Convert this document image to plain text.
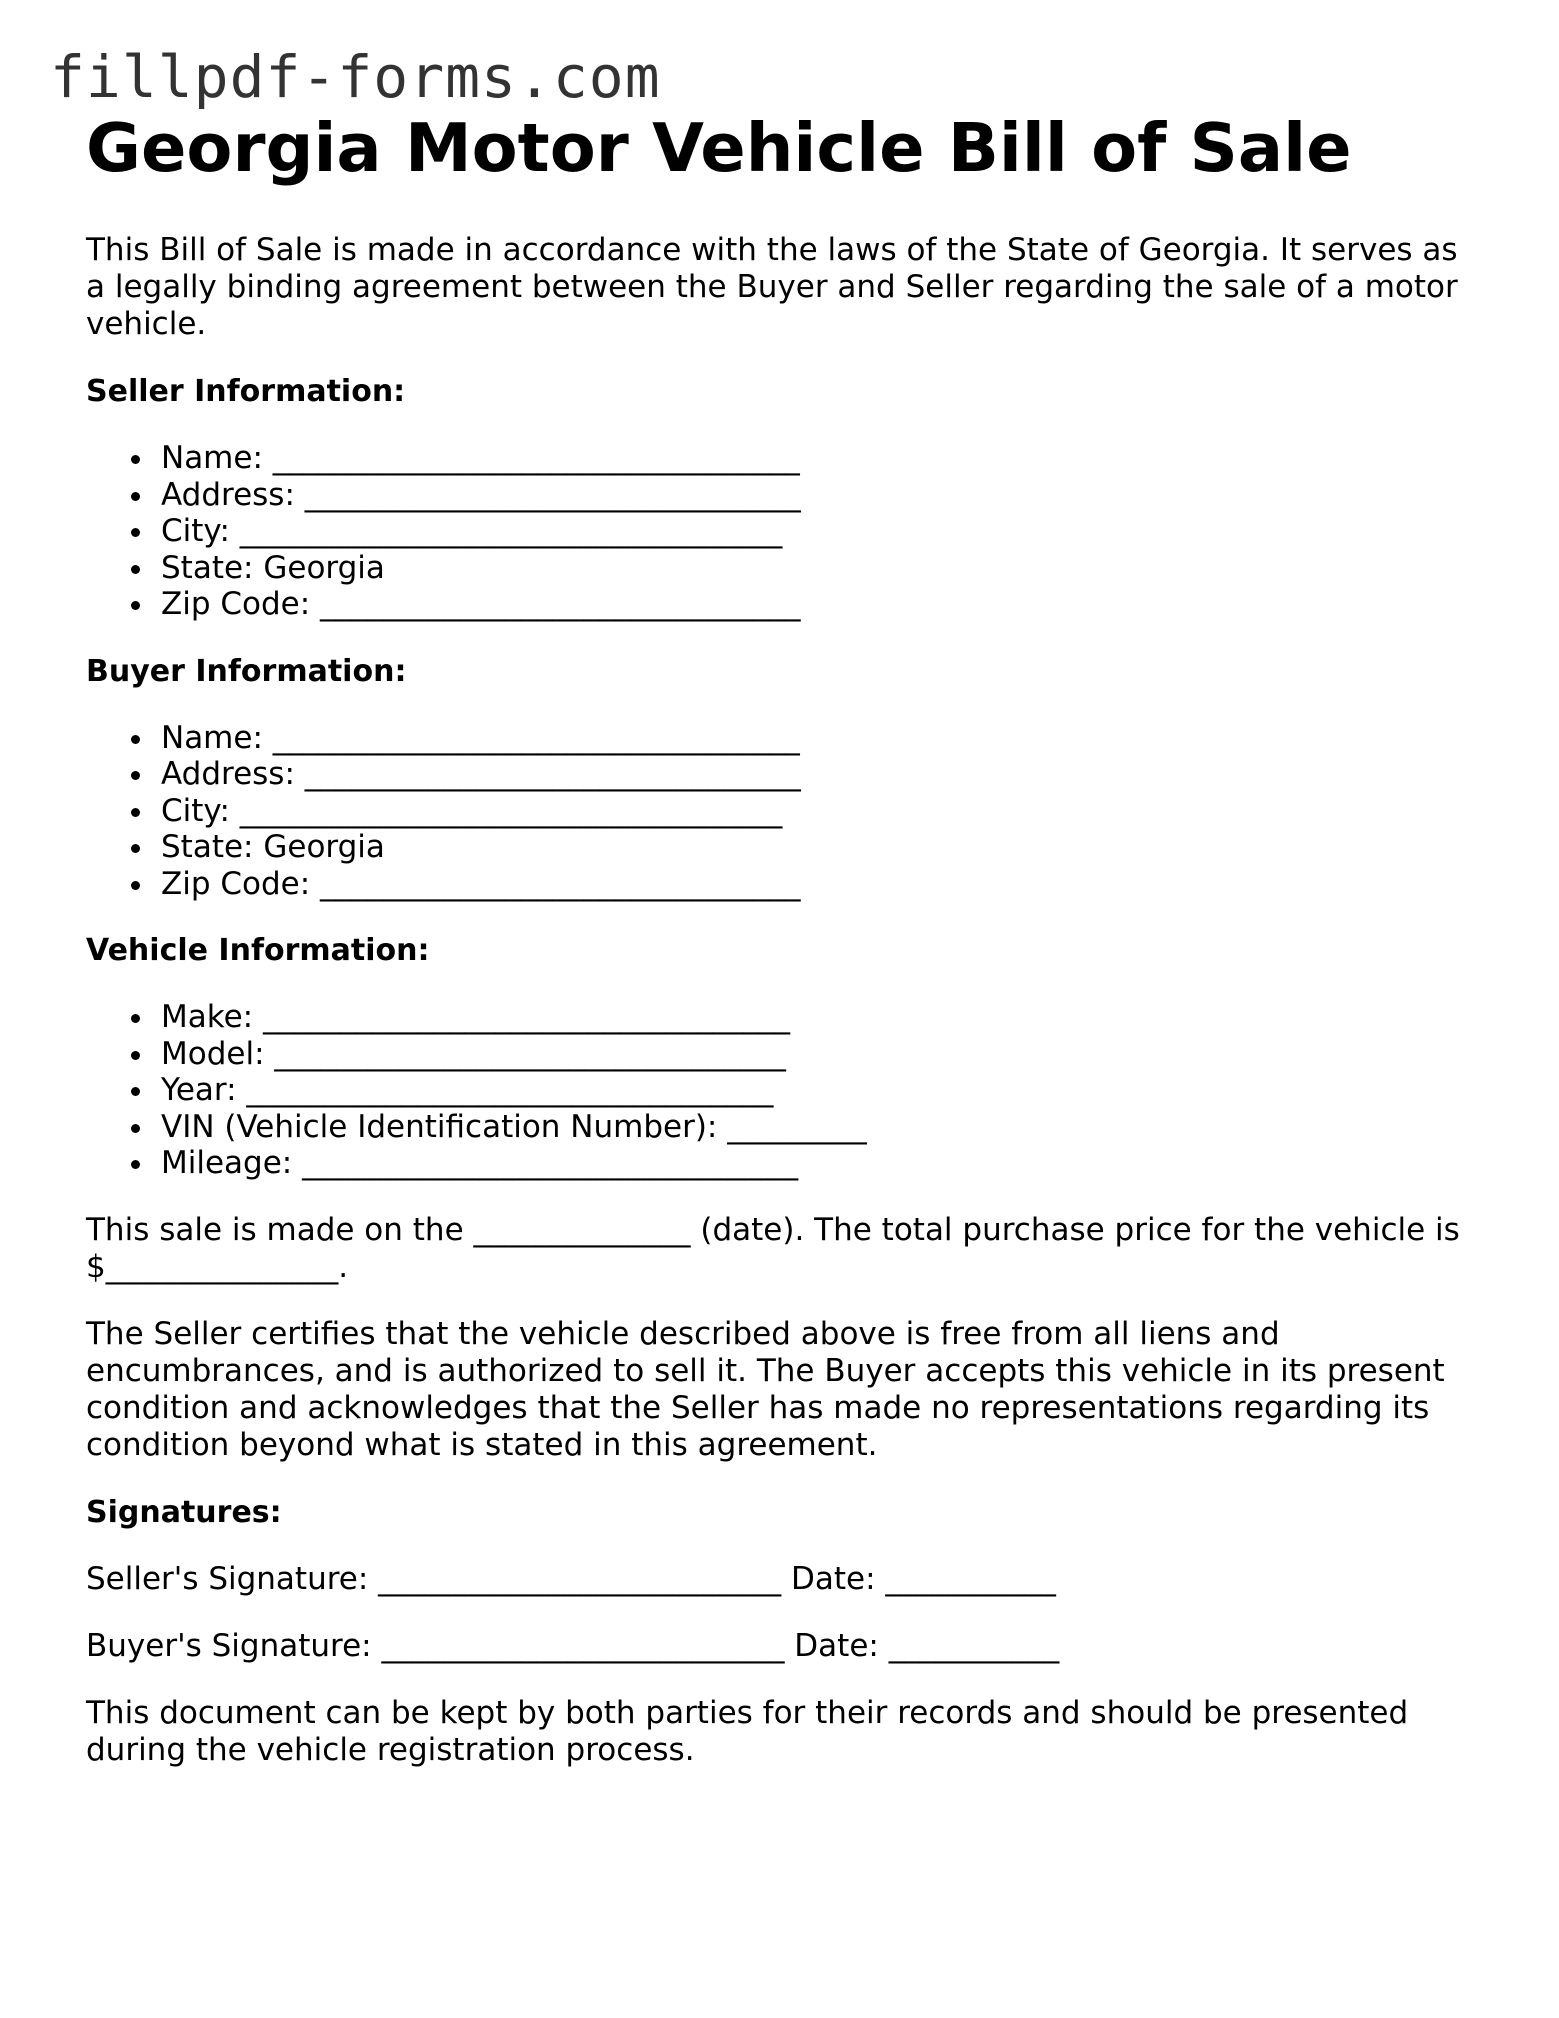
fillpdf-forms.com
Georgia Motor Vehicle Bill of Sale

This Bill of Sale is made in accordance with the laws of the State of Georgia. It serves as a legally binding agreement between the Buyer and Seller regarding the sale of a motor vehicle.

Seller Information:
Name: __________________________________
Address: ________________________________
City: ___________________________________
State: Georgia
Zip Code: _______________________________
Buyer Information:
Name: __________________________________
Address: ________________________________
City: ___________________________________
State: Georgia
Zip Code: _______________________________
Vehicle Information:
Make: __________________________________
Model: _________________________________
Year: __________________________________
VIN (Vehicle Identification Number): _________
Mileage: ________________________________

This sale is made on the ______________ (date). The total purchase price for the vehicle is $_______________.

The Seller certifies that the vehicle described above is free from all liens and encumbrances, and is authorized to sell it. The Buyer accepts this vehicle in its present condition and acknowledges that the Seller has made no representations regarding its condition beyond what is stated in this agreement.

Signatures:

Seller's Signature: __________________________ Date: ___________

Buyer's Signature: __________________________ Date: ___________

This document can be kept by both parties for their records and should be presented during the vehicle registration process.
